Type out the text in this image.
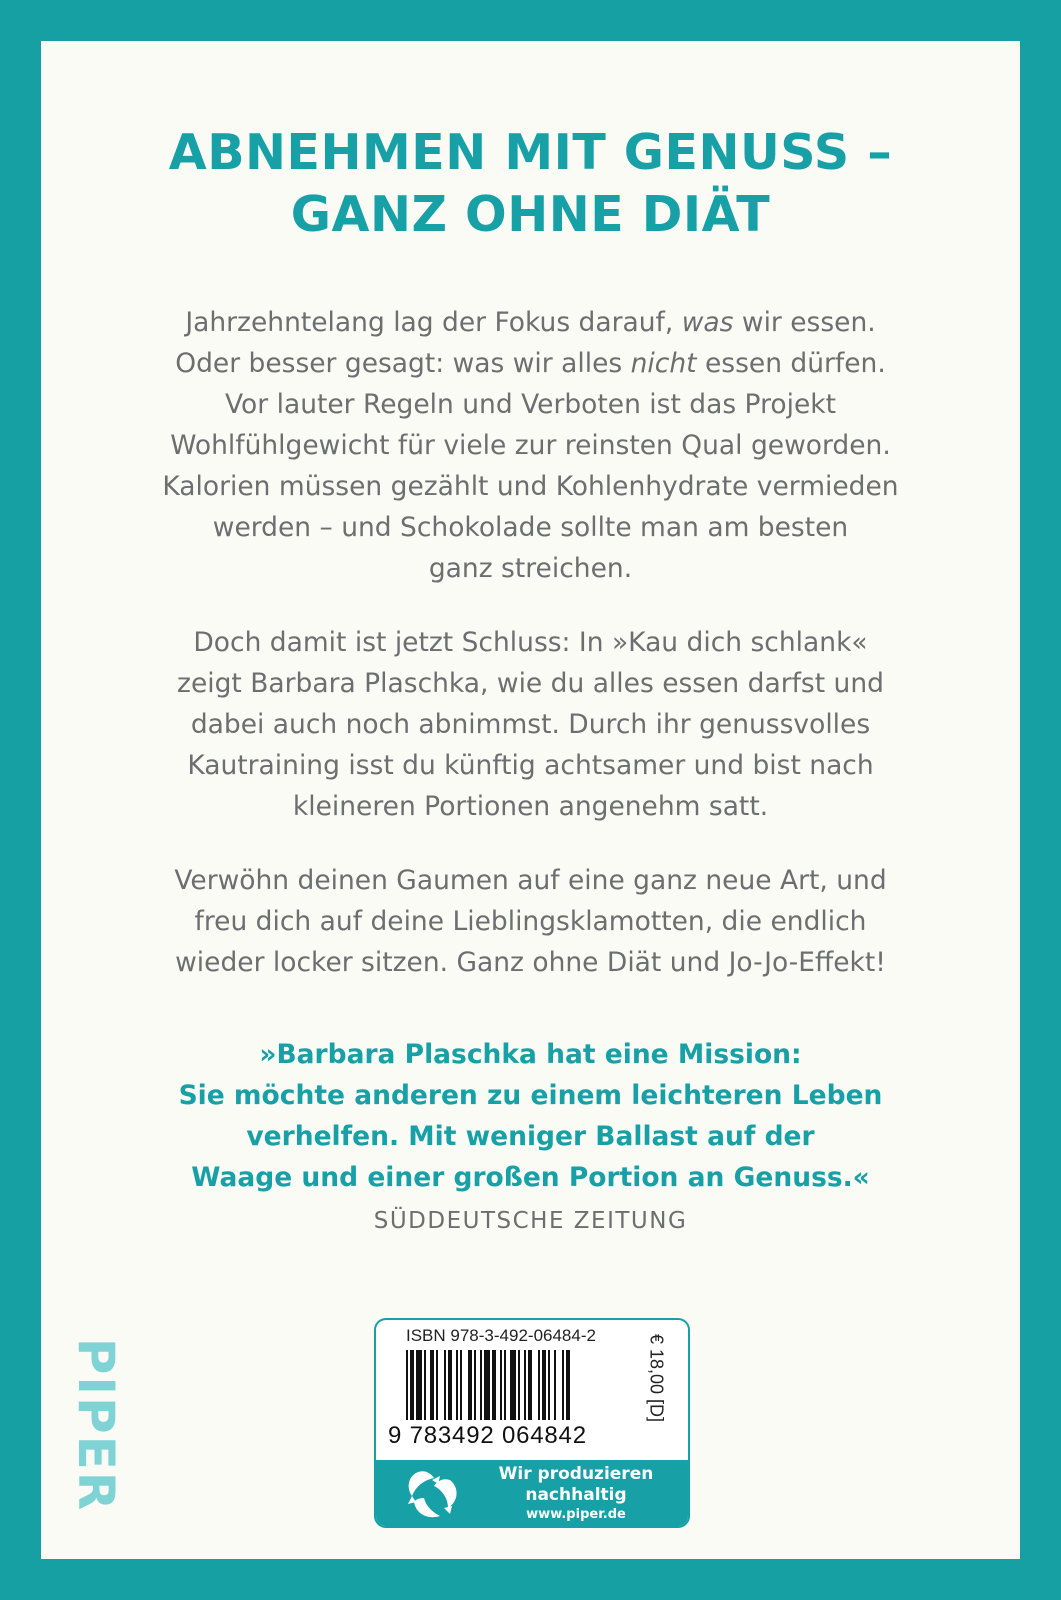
ABNEHMEN MIT GENUSS –
GANZ OHNE DIÄT
Jahrzehntelang lag der Fokus darauf, was wir essen.
Oder besser gesagt: was wir alles nicht essen dürfen.
Vor lauter Regeln und Verboten ist das Projekt
Wohlfühlgewicht für viele zur reinsten Qual geworden.
Kalorien müssen gezählt und Kohlenhydrate vermieden
werden – und Schokolade sollte man am besten
ganz streichen.
Doch damit ist jetzt Schluss: In »Kau dich schlank«
zeigt Barbara Plaschka, wie du alles essen darfst und
dabei auch noch abnimmst. Durch ihr genussvolles
Kautraining isst du künftig achtsamer und bist nach
kleineren Portionen angenehm satt.
Verwöhn deinen Gaumen auf eine ganz neue Art, und
freu dich auf deine Lieblingsklamotten, die endlich
wieder locker sitzen. Ganz ohne Diät und Jo-Jo-Effekt!
»Barbara Plaschka hat eine Mission:
Sie möchte anderen zu einem leichteren Leben
verhelfen. Mit weniger Ballast auf der
Waage und einer großen Portion an Genuss.«
SÜDDEUTSCHE ZEITUNG
PIPER
ISBN 978-3-492-06484-2
9 783492 064842
€ 18,00 [D]
Wir produzieren
nachhaltig
www.piper.de
